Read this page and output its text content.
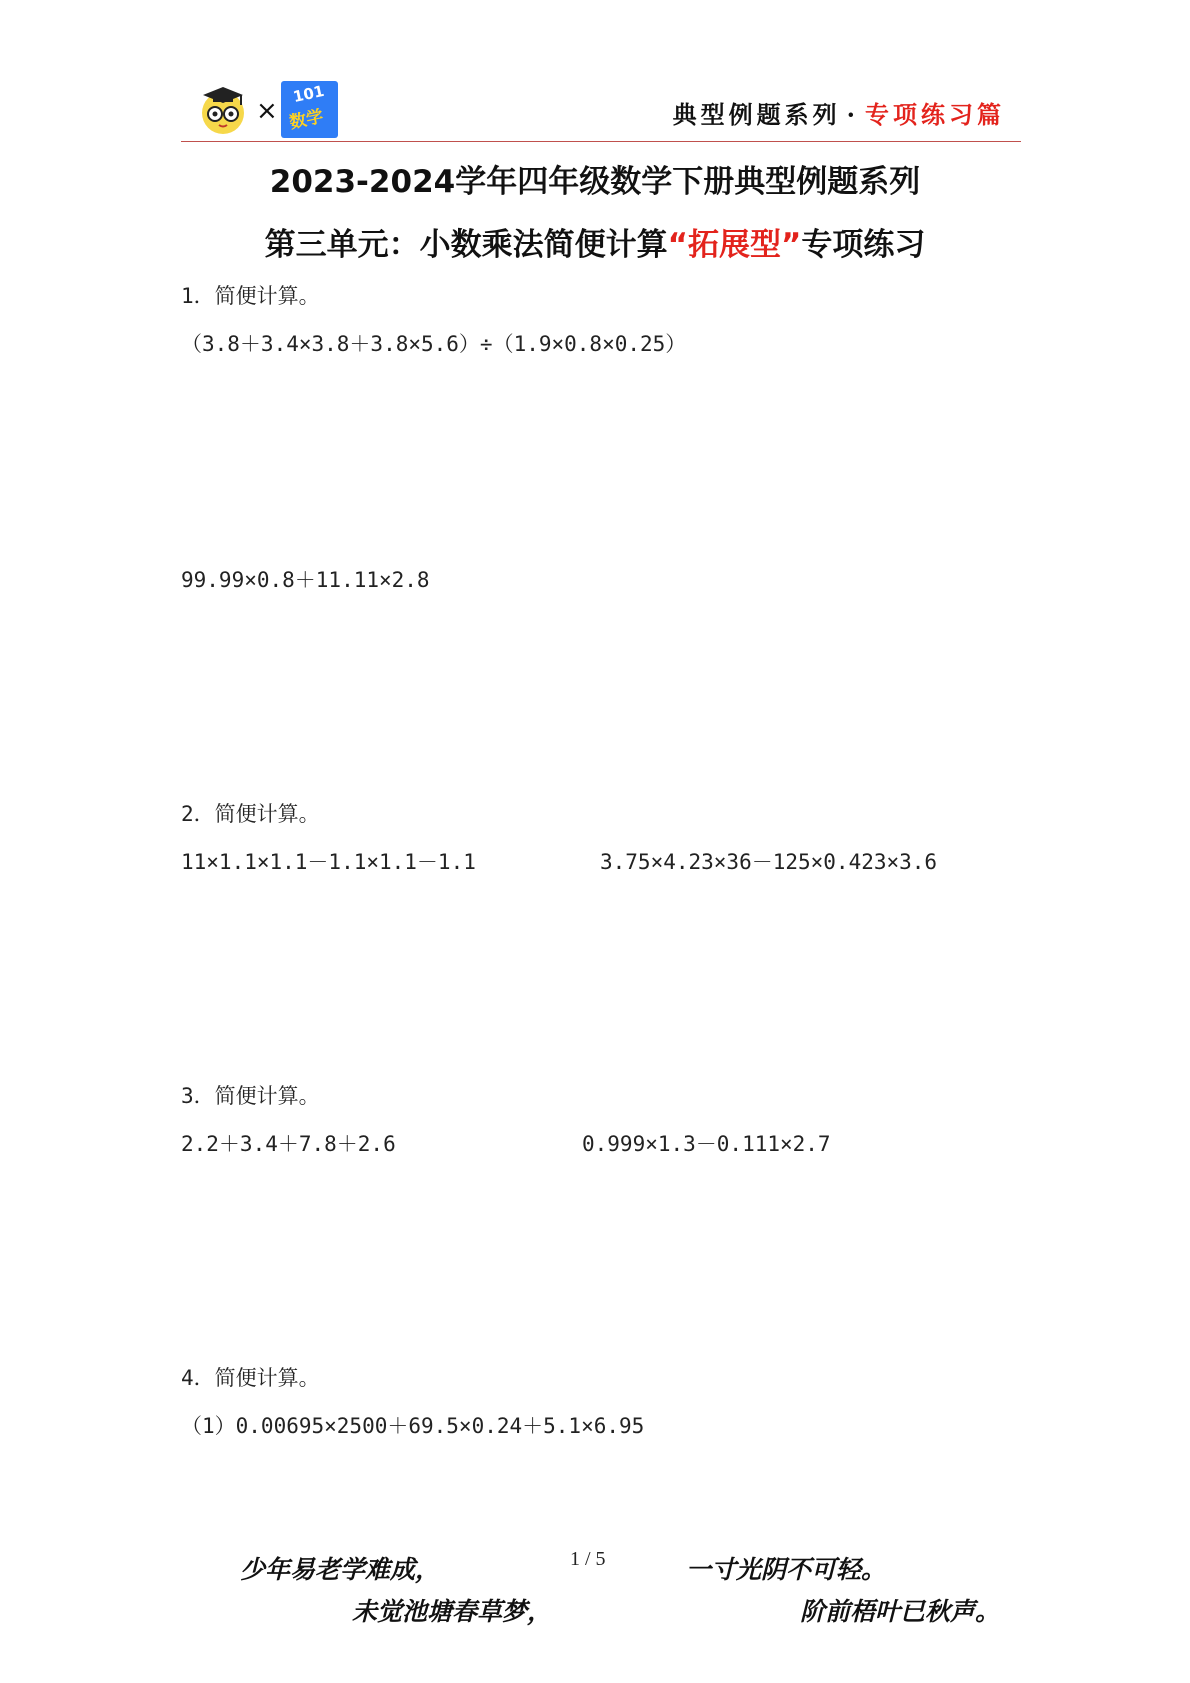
×
101
数学	典型例题系列 · 专项练习篇
2023-2024学年四年级数学下册典型例题系列
第三单元：小数乘法简便计算“拓展型”专项练习
1．简便计算。
（3.8＋3.4×3.8＋3.8×5.6）÷（1.9×0.8×0.25）
99.99×0.8＋11.11×2.8
2．简便计算。
11×1.1×1.1－1.1×1.1－1.1	3.75×4.23×36－125×0.423×3.6
3．简便计算。
2.2＋3.4＋7.8＋2.6	0.999×1.3－0.111×2.7
4．简便计算。
（1）0.00695×2500＋69.5×0.24＋5.1×6.95
少年易老学难成，	1 / 5	一寸光阴不可轻。
未觉池塘春草梦，	阶前梧叶已秋声。
